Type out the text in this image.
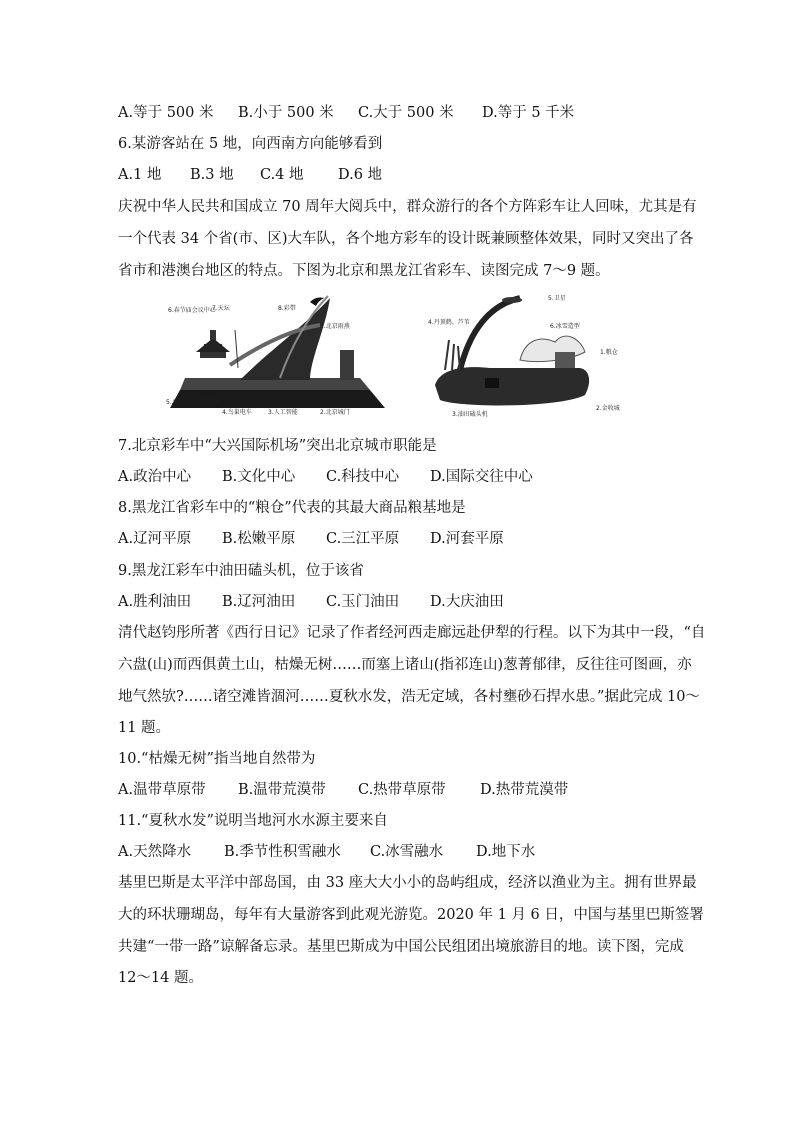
A.等于 500 米	B.小于 500 米	C.大于 500 米	D.等于 5 千米
6.某游客站在 5 地，向西南方向能够看到
A.1 地	B.3 地	C.4 地	D.6 地
庆祝中华人民共和国成立 70 周年大阅兵中，群众游行的各个方阵彩车让人回味，尤其是有
一个代表 34 个省(市、区)大车队，各个地方彩车的设计既兼顾整体效果，同时又突出了各
省市和港澳台地区的特点。下图为北京和黑龙江省彩车、读图完成 7～9 题。
6.春节庙会议中心
7.天坛	8.彩带
1.北京雨燕
5.北京大兴国际机场
4.鸟巢电车	3.人工智能	2.北京城门
5.卫星
4.丹顶鹤、芦苇
6.冰雪造型
1.粮仓
3.油田磕头机
2.金收城
7.北京彩车中“大兴国际机场”突出北京城市职能是
A.政治中心	B.文化中心	C.科技中心	D.国际交往中心
8.黑龙江省彩车中的“粮仓”代表的其最大商品粮基地是
A.辽河平原	B.松嫩平原	C.三江平原	D.河套平原
9.黑龙江彩车中油田磕头机，位于该省
A.胜利油田	B.辽河油田	C.玉门油田	D.大庆油田
清代赵钧彤所著《西行日记》记录了作者经河西走廊远赴伊犁的行程。以下为其中一段，“自
六盘(山)而西俱黄土山，枯燥无树……而塞上诸山(指祁连山)葱菁郁律，反往往可图画，亦
地气然欤?……诸空滩皆涸河……夏秋水发，浩无定域，各村壅砂石捍水患。”据此完成 10～
11 题。
10.“枯燥无树”指当地自然带为
A.温带草原带	B.温带荒漠带	C.热带草原带	D.热带荒漠带
11.“夏秋水发”说明当地河水水源主要来自
A.天然降水	B.季节性积雪融水	C.冰雪融水	D.地下水
基里巴斯是太平洋中部岛国，由 33 座大大小小的岛屿组成，经济以渔业为主。拥有世界最
大的环状珊瑚岛，每年有大量游客到此观光游览。2020 年 1 月 6 日，中国与基里巴斯签署
共建“一带一路”谅解备忘录。基里巴斯成为中国公民组团出境旅游目的地。读下图，完成
12～14 题。
